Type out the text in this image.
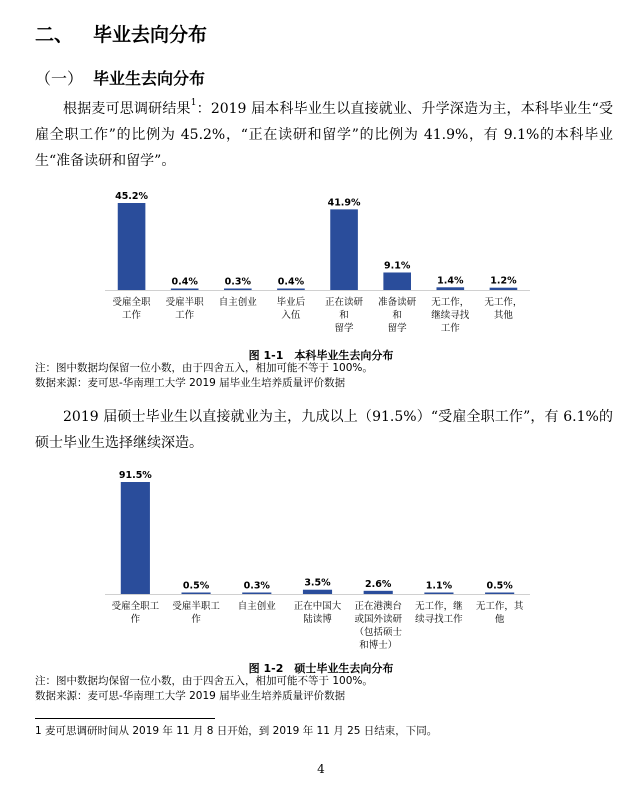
二、 毕业去向分布
（一） 毕业生去向分布

根据麦可思调研结果$^1$：2019 届本科毕业生以直接就业、升学深造为主，本科毕业生“受雇全职工作”的比例为 45.2%，“正在读研和留学”的比例为 41.9%，有 9.1%的本科毕业生“准备读研和留学”。

45.2%
受雇全职
工作
0.4%
受雇半职
工作
0.3%
自主创业
0.4%
毕业后
入伍
41.9%
正在读研
和
留学
9.1%
准备读研
和
留学
1.4%
无工作，
继续寻找
工作
1.2%
无工作，
其他
图 1-1　本科毕业生去向分布
注：图中数据均保留一位小数，由于四舍五入，相加可能不等于 100%。
数据来源：麦可思-华南理工大学 2019 届毕业生培养质量评价数据

2019 届硕士毕业生以直接就业为主，九成以上（91.5%）“受雇全职工作”，有 6.1%的硕士毕业生选择继续深造。

91.5%
受雇全职工
作
0.5%
受雇半职工
作
0.3%
自主创业
3.5%
正在中国大
陆读博
2.6%
正在港澳台
或国外读研
（包括硕士
和博士）
1.1%
无工作，继
续寻找工作
0.5%
无工作，其
他
图 1-2　硕士毕业生去向分布
注：图中数据均保留一位小数，由于四舍五入，相加可能不等于 100%。
数据来源：麦可思-华南理工大学 2019 届毕业生培养质量评价数据
1 麦可思调研时间从 2019 年 11 月 8 日开始，到 2019 年 11 月 25 日结束，下同。
4
